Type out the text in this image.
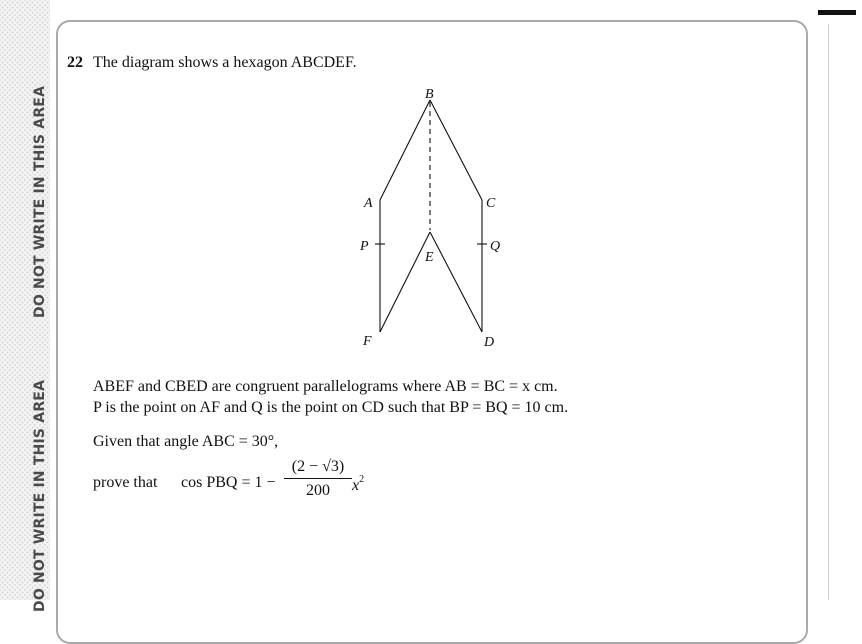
DO NOT WRITE IN THIS AREA
DO NOT WRITE IN THIS AREA
22 The diagram shows a hexagon ABCDEF.
B
A	C
P	Q
E
F	D
ABEF and CBED are congruent parallelograms where AB = BC = x cm.
P is the point on AF and Q is the point on CD such that BP = BQ = 10 cm.
Given that angle ABC = 30°,
prove that cos PBQ = $1 - \frac{(2 - √3)}{200} x^2$
